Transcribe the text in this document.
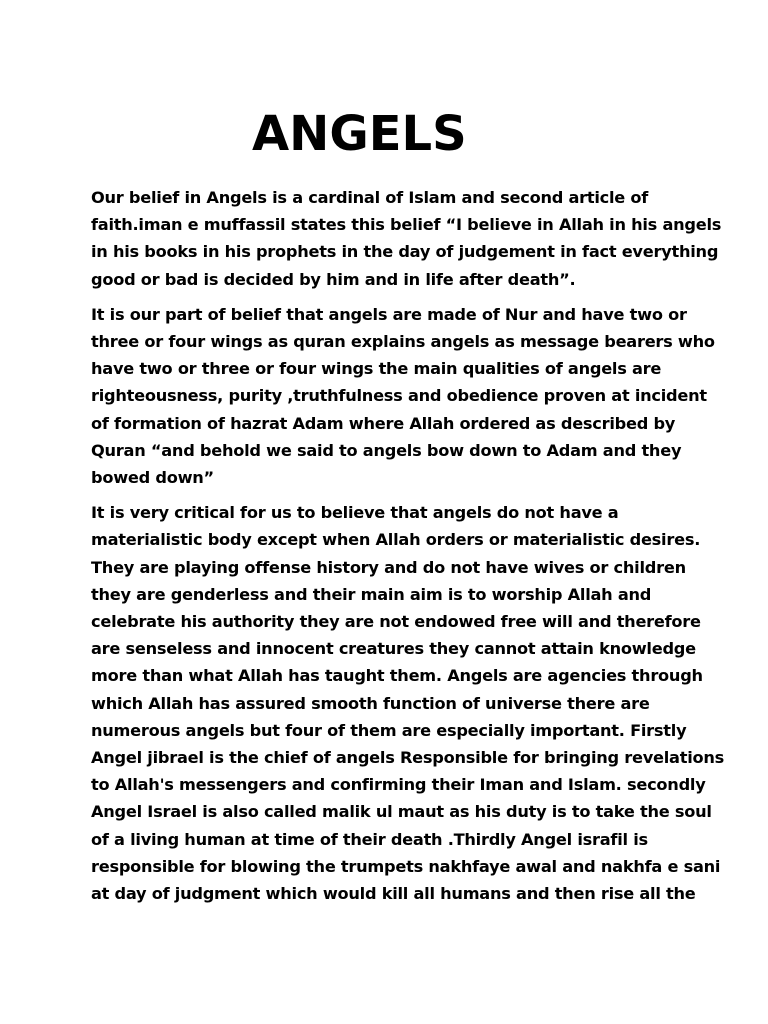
ANGELS
Our belief in Angels is a cardinal of Islam and second article of
faith.iman e muffassil states this belief “I believe in Allah in his angels
in his books in his prophets in the day of judgement in fact everything
good or bad is decided by him and in life after death”.
It is our part of belief that angels are made of Nur and have two or
three or four wings as quran explains angels as message bearers who
have two or three or four wings the main qualities of angels are
righteousness, purity ,truthfulness and obedience proven at incident
of formation of hazrat Adam where Allah ordered as described by
Quran “and behold we said to angels bow down to Adam and they
bowed down”
It is very critical for us to believe that angels do not have a
materialistic body except when Allah orders or materialistic desires.
They are playing offense history and do not have wives or children
they are genderless and their main aim is to worship Allah and
celebrate his authority they are not endowed free will and therefore
are senseless and innocent creatures they cannot attain knowledge
more than what Allah has taught them. Angels are agencies through
which Allah has assured smooth function of universe there are
numerous angels but four of them are especially important. Firstly
Angel jibrael is the chief of angels Responsible for bringing revelations
to Allah's messengers and confirming their Iman and Islam. secondly
Angel Israel is also called malik ul maut as his duty is to take the soul
of a living human at time of their death .Thirdly Angel israfil is
responsible for blowing the trumpets nakhfaye awal and nakhfa e sani
at day of judgment which would kill all humans and then rise all the
